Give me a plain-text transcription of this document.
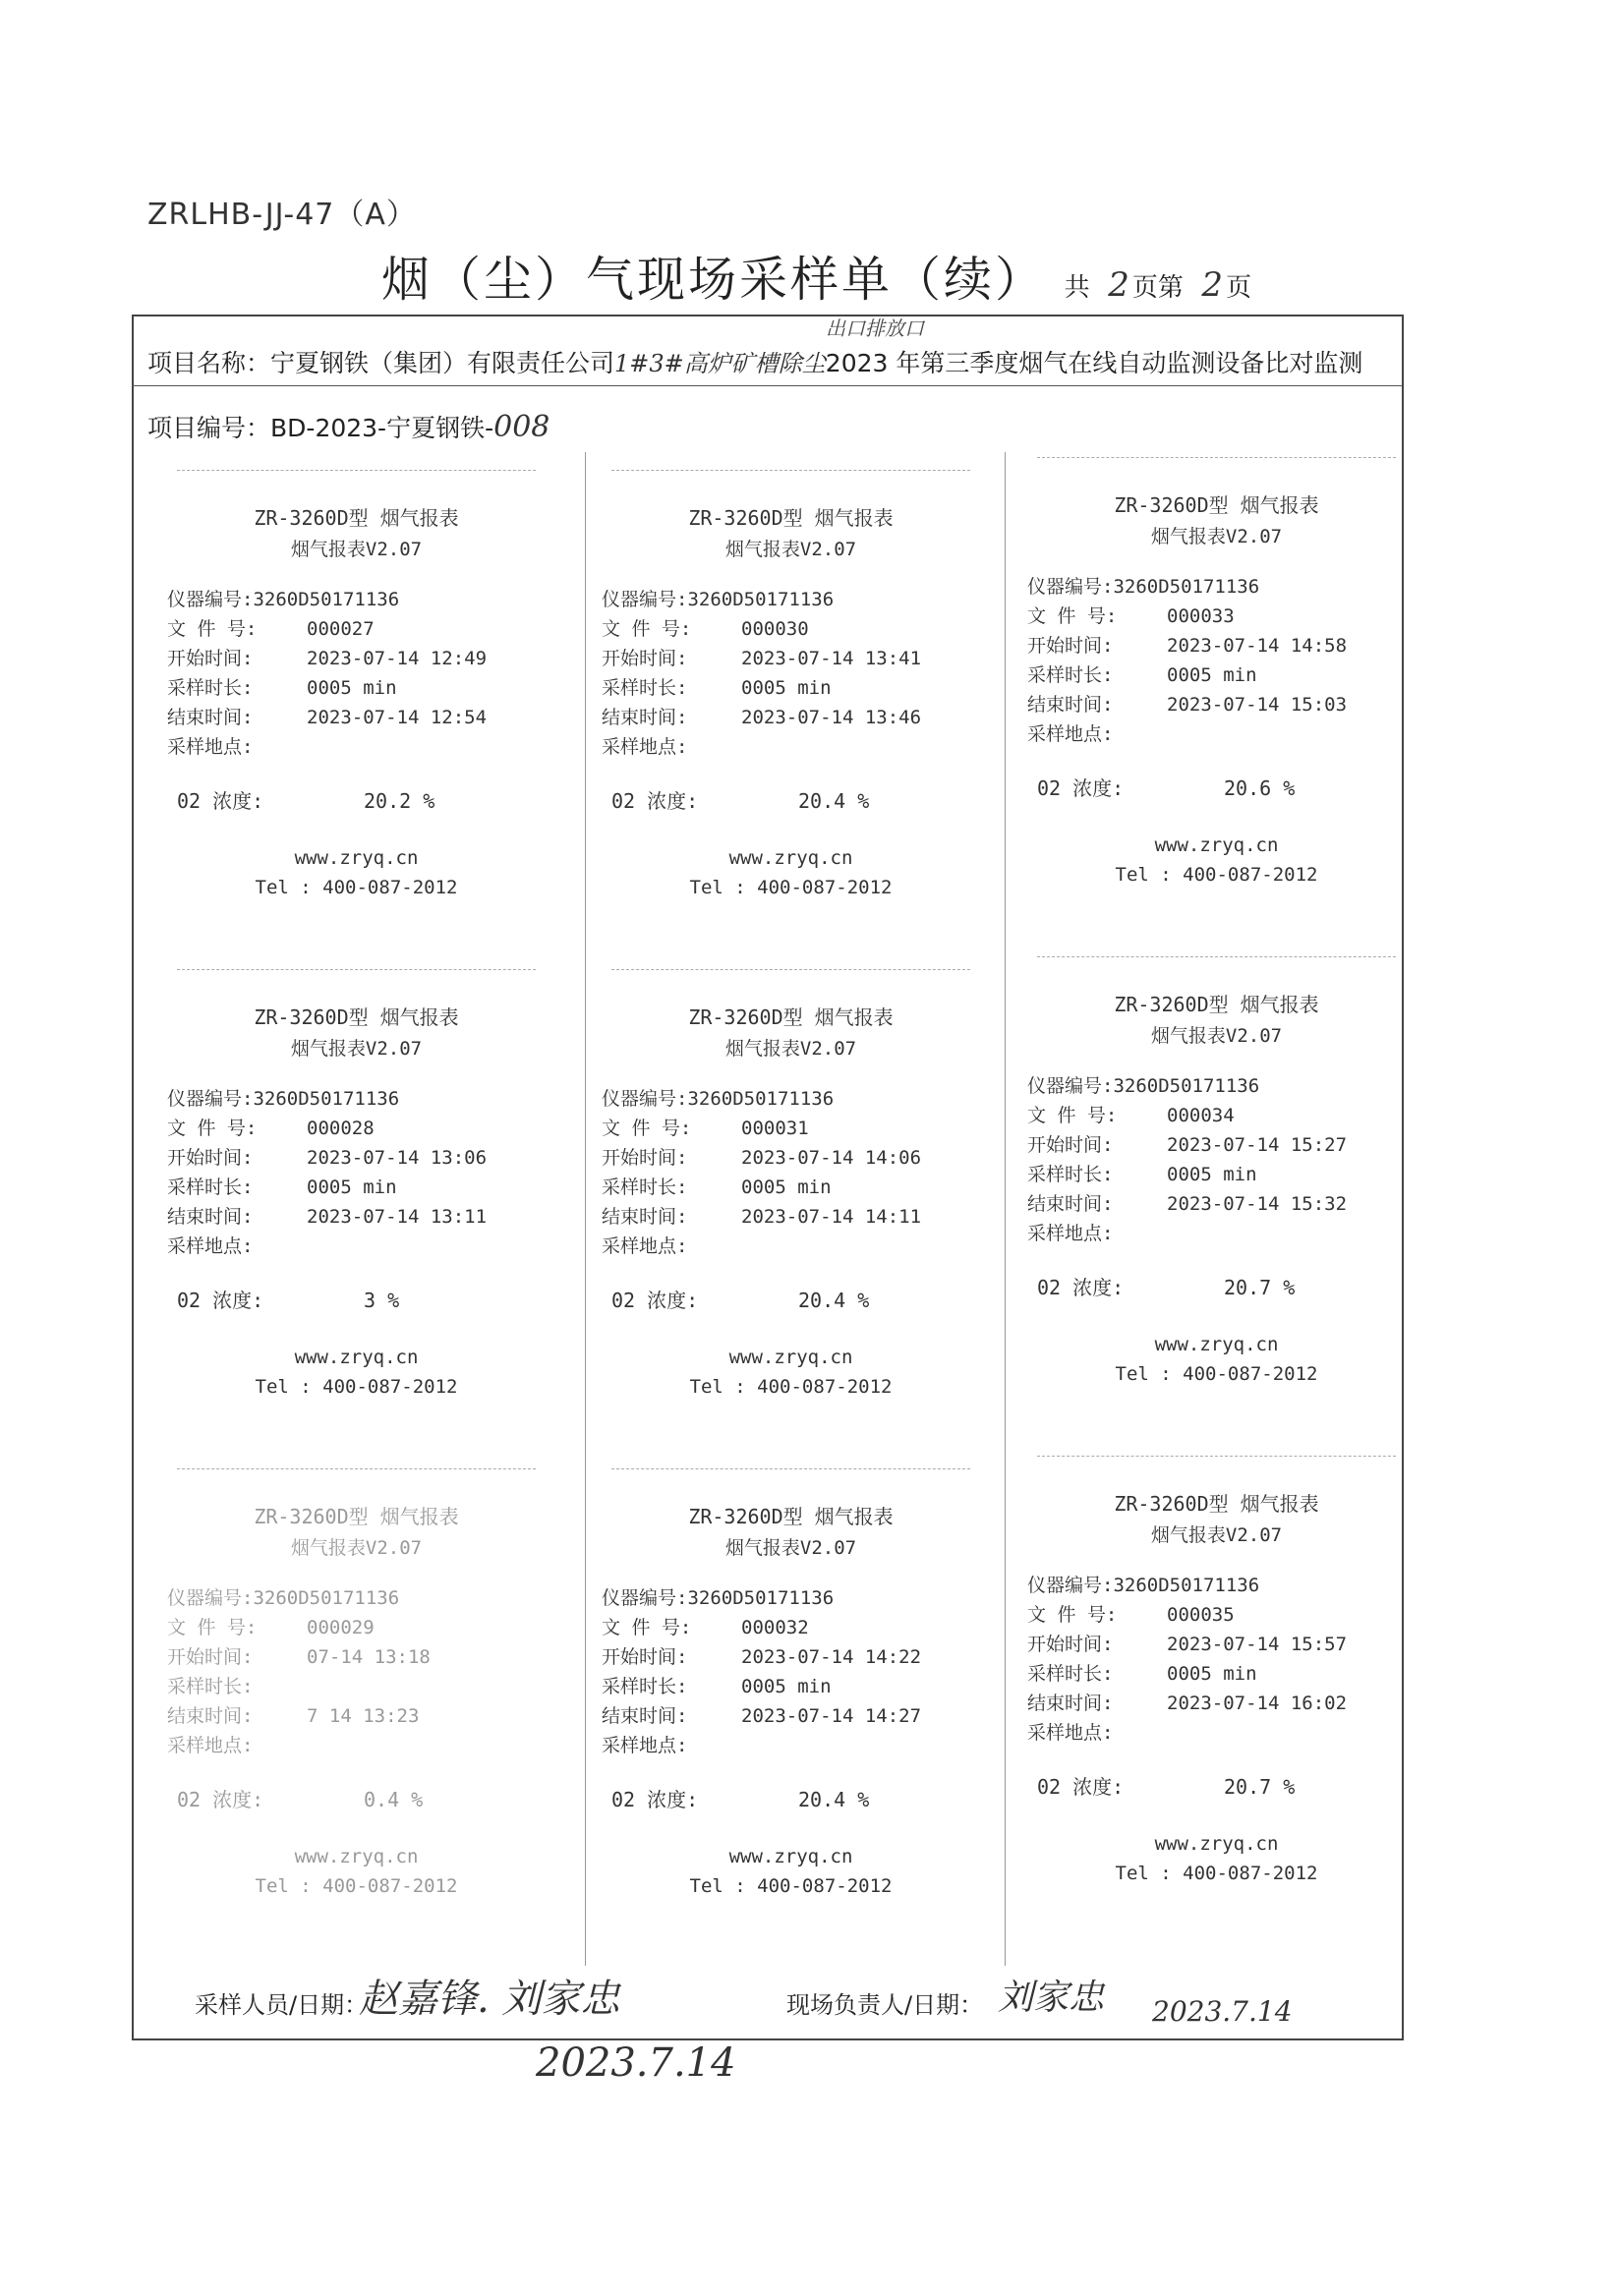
ZRLHB-JJ-47（A）
烟（尘）气现场采样单（续） 共 2页第 2页
项目名称：宁夏钢铁（集团）有限责任公司1#3#高炉矿槽除尘2023 年第三季度烟气在线自动监测设备比对监测
出口排放口
项目编号：BD-2023-宁夏钢铁-008
ZR-3260D型 烟气报表
烟气报表V2.07
仪器编号:3260D50171136
文 件 号:	000027
开始时间:	2023-07-14 12:49
采样时长:	0005 min
结束时间:	2023-07-14 12:54
采样地点:
02 浓度:	20.2 %
www.zryq.cn
Tel : 400-087-2012
ZR-3260D型 烟气报表
烟气报表V2.07
仪器编号:3260D50171136
文 件 号:	000028
开始时间:	2023-07-14 13:06
采样时长:	0005 min
结束时间:	2023-07-14 13:11
采样地点:
02 浓度:	3 %
www.zryq.cn
Tel : 400-087-2012
ZR-3260D型 烟气报表
烟气报表V2.07
仪器编号:3260D50171136
文 件 号:	000029
开始时间:	07-14 13:18
采样时长:
结束时间:	7 14 13:23
采样地点:
02 浓度:	0.4 %
www.zryq.cn
Tel : 400-087-2012
ZR-3260D型 烟气报表
烟气报表V2.07
仪器编号:3260D50171136
文 件 号:	000030
开始时间:	2023-07-14 13:41
采样时长:	0005 min
结束时间:	2023-07-14 13:46
采样地点:
02 浓度:	20.4 %
www.zryq.cn
Tel : 400-087-2012
ZR-3260D型 烟气报表
烟气报表V2.07
仪器编号:3260D50171136
文 件 号:	000031
开始时间:	2023-07-14 14:06
采样时长:	0005 min
结束时间:	2023-07-14 14:11
采样地点:
02 浓度:	20.4 %
www.zryq.cn
Tel : 400-087-2012
ZR-3260D型 烟气报表
烟气报表V2.07
仪器编号:3260D50171136
文 件 号:	000032
开始时间:	2023-07-14 14:22
采样时长:	0005 min
结束时间:	2023-07-14 14:27
采样地点:
02 浓度:	20.4 %
www.zryq.cn
Tel : 400-087-2012
ZR-3260D型 烟气报表
烟气报表V2.07
仪器编号:3260D50171136
文 件 号:	000033
开始时间:	2023-07-14 14:58
采样时长:	0005 min
结束时间:	2023-07-14 15:03
采样地点:
02 浓度:	20.6 %
www.zryq.cn
Tel : 400-087-2012
ZR-3260D型 烟气报表
烟气报表V2.07
仪器编号:3260D50171136
文 件 号:	000034
开始时间:	2023-07-14 15:27
采样时长:	0005 min
结束时间:	2023-07-14 15:32
采样地点:
02 浓度:	20.7 %
www.zryq.cn
Tel : 400-087-2012
ZR-3260D型 烟气报表
烟气报表V2.07
仪器编号:3260D50171136
文 件 号:	000035
开始时间:	2023-07-14 15:57
采样时长:	0005 min
结束时间:	2023-07-14 16:02
采样地点:
02 浓度:	20.7 %
www.zryq.cn
Tel : 400-087-2012
采样人员/日期：
赵嘉锋. 刘家忠
2023.7.14
现场负责人/日期： 刘家忠 2023.7.14
